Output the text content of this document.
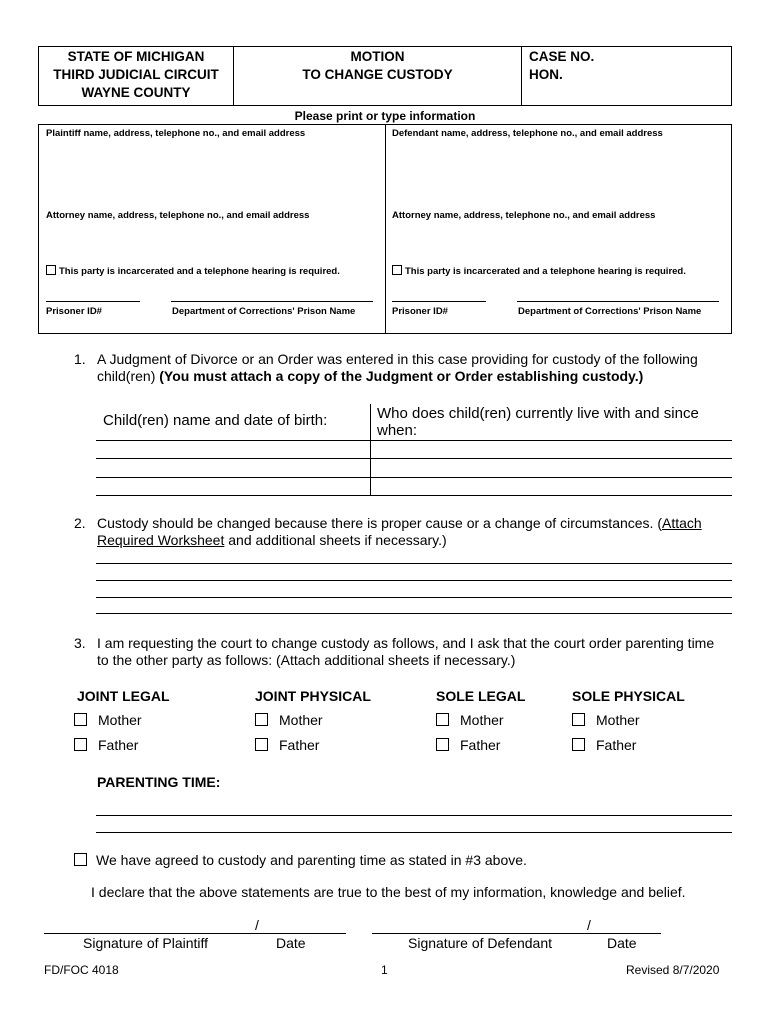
STATE OF MICHIGAN
THIRD JUDICIAL CIRCUIT
WAYNE COUNTY
MOTION
TO CHANGE CUSTODY
CASE NO.
HON.
Please print or type information
Plaintiff name, address, telephone no., and email address
Attorney name, address, telephone no., and email address
This party is incarcerated and a telephone hearing is required.
Prisoner ID#	Department of Corrections' Prison Name
Defendant name, address, telephone no., and email address
Attorney name, address, telephone no., and email address
This party is incarcerated and a telephone hearing is required.
Prisoner ID#	Department of Corrections' Prison Name
1. A Judgment of Divorce or an Order was entered in this case providing for custody of the following
child(ren) (You must attach a copy of the Judgment or Order establishing custody.)
Child(ren) name and date of birth:	Who does child(ren) currently live with and since when:
2. Custody should be changed because there is proper cause or a change of circumstances. (Attach
Required Worksheet and additional sheets if necessary.)
3. I am requesting the court to change custody as follows, and I ask that the court order parenting time
to the other party as follows: (Attach additional sheets if necessary.)
JOINT LEGAL
Mother
Father
JOINT PHYSICAL
Mother
Father
SOLE LEGAL
Mother
Father
SOLE PHYSICAL
Mother
Father
PARENTING TIME:
We have agreed to custody and parenting time as stated in #3 above.
I declare that the above statements are true to the best of my information, knowledge and belief.
/
Signature of Plaintiff	Date
/
Signature of Defendant	Date
FD/FOC 4018	1	Revised 8/7/2020
